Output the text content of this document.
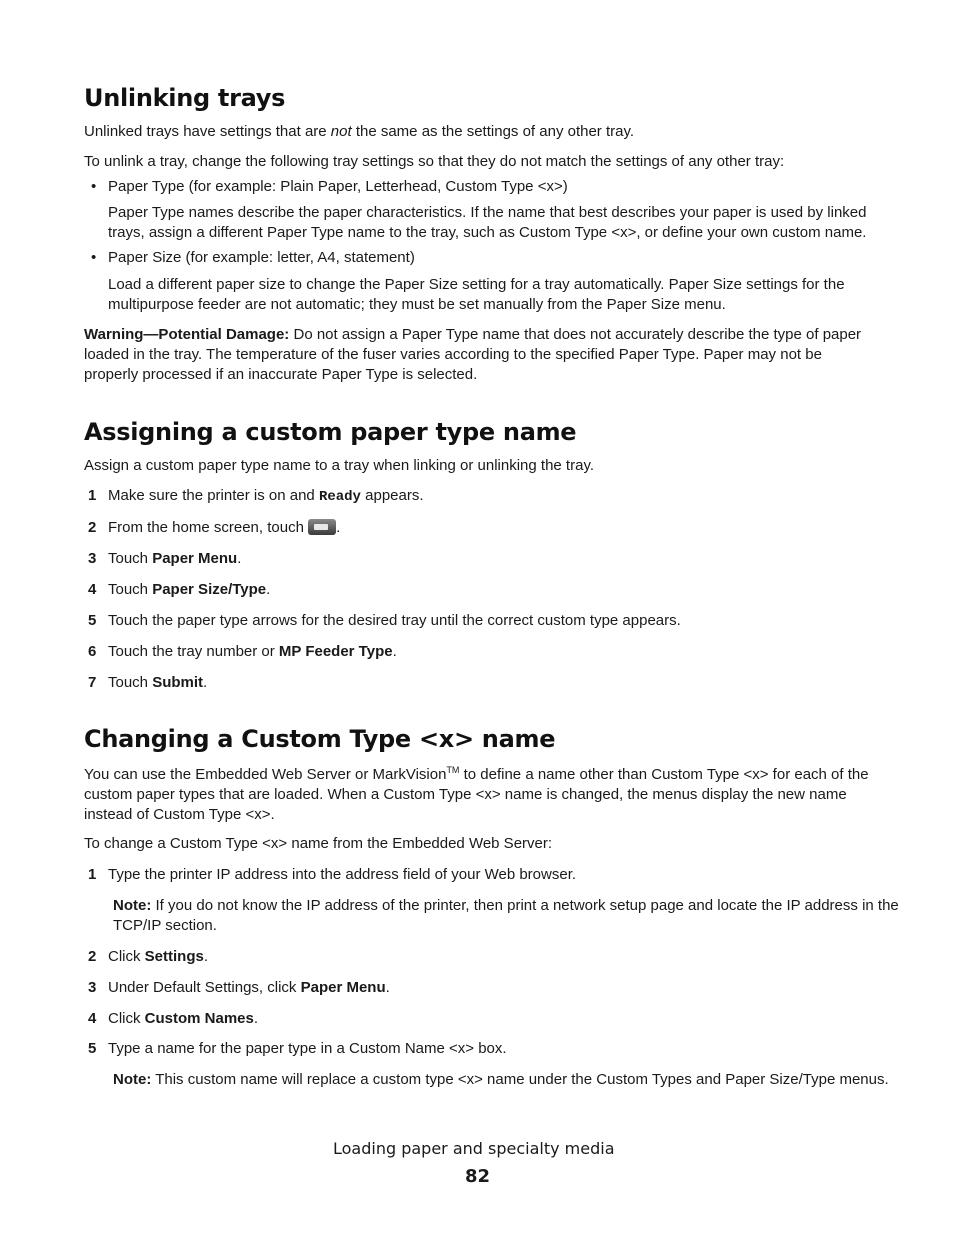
Unlinking trays

Unlinked trays have settings that are not the same as the settings of any other tray.

To unlink a tray, change the following tray settings so that they do not match the settings of any other tray:

• Paper Type (for example: Plain Paper, Letterhead, Custom Type <x>)

Paper Type names describe the paper characteristics. If the name that best describes your paper is used by linked trays, assign a different Paper Type name to the tray, such as Custom Type <x>, or define your own custom name.

• Paper Size (for example: letter, A4, statement)

Load a different paper size to change the Paper Size setting for a tray automatically. Paper Size settings for the multipurpose feeder are not automatic; they must be set manually from the Paper Size menu.

Warning—Potential Damage: Do not assign a Paper Type name that does not accurately describe the type of paper loaded in the tray. The temperature of the fuser varies according to the specified Paper Type. Paper may not be properly processed if an inaccurate Paper Type is selected.

Assigning a custom paper type name

Assign a custom paper type name to a tray when linking or unlinking the tray.

1 Make sure the printer is on and Ready appears.
2 From the home screen, touch .
3 Touch Paper Menu.
4 Touch Paper Size/Type.
5 Touch the paper type arrows for the desired tray until the correct custom type appears.
6 Touch the tray number or MP Feeder Type.
7 Touch Submit.
Changing a Custom Type <x> name

You can use the Embedded Web Server or MarkVision™ to define a name other than Custom Type <x> for each of the custom paper types that are loaded. When a Custom Type <x> name is changed, the menus display the new name instead of Custom Type <x>.

To change a Custom Type <x> name from the Embedded Web Server:

1 Type the printer IP address into the address field of your Web browser.

Note: If you do not know the IP address of the printer, then print a network setup page and locate the IP address in the TCP/IP section.

2 Click Settings.
3 Under Default Settings, click Paper Menu.
4 Click Custom Names.
5 Type a name for the paper type in a Custom Name <x> box.

Note: This custom name will replace a custom type <x> name under the Custom Types and Paper Size/Type menus.

Loading paper and specialty media
82
